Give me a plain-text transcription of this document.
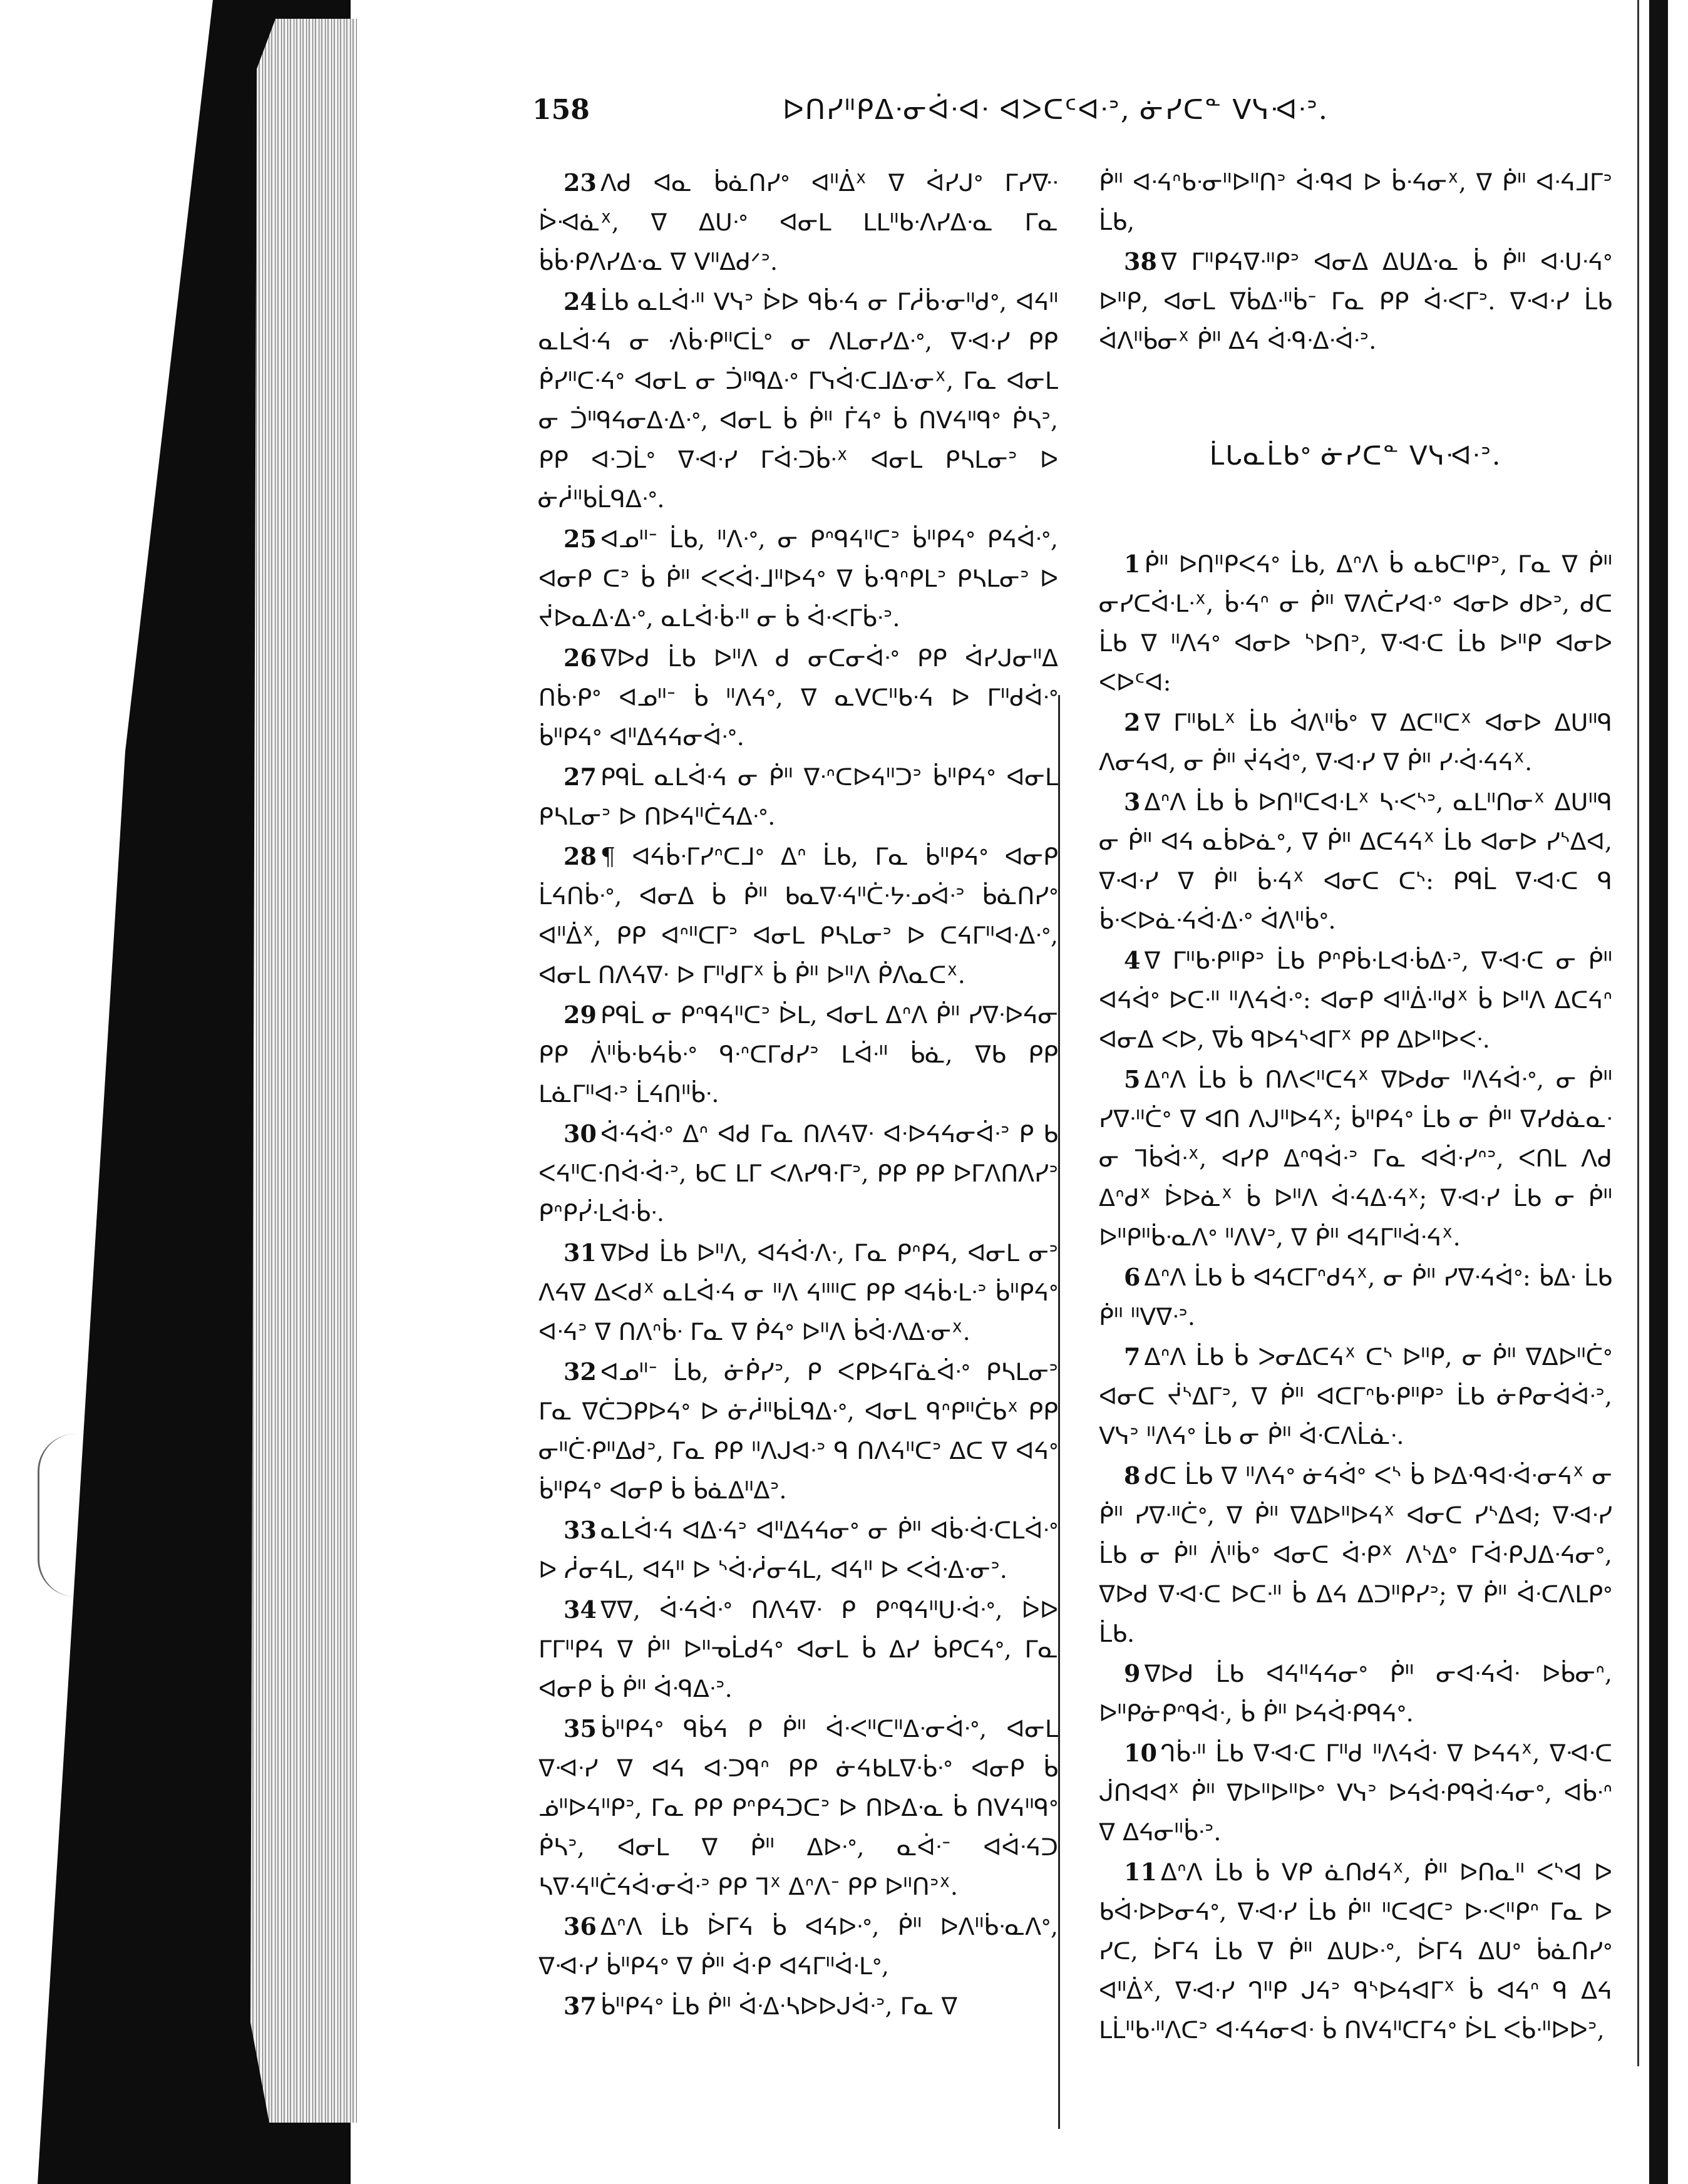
158	ᐅᑎᓯᐦᑭᐃᐧᓂᐋᐧᐊᐧ ᐊᐳᑕᑦᐊᐧᐣ, ᓃᓯᑕᓐ ᐯᓭᐗᐧᐣ.

23 ᐱᑯ ᐊᓇ ᑳᓈᑎᓯᐤ ᐊᐦᐄᕽ ᐁ ᐋᓯᒍᐤ ᒥᓯᐍᐧ ᐆᐗᓈᕽ, ᐁ ᐃᑌᐧᐤ ᐊᓂᒪ ᒪᒪᐦᑲᐧᐱᓯᐃᐧᓇ ᒥᓇ ᑳᑳᐧᑭᐱᓯᐃᐧᓇ ᐁ ᐯᐦᐃᑯᐟᐣ.

24 ᒫᑲ ᓇᒪᐋᐧᐦ ᐯᓭᐣ ᐆᐅ ᑫᑳᐧᔦ ᓂ ᒥᓲᑳᐧᓂᐦᑯᐤ, ᐊᔦᐦ ᓇᒪᐋᐧᔦ ᓂ ᐼᑳᐧᑭᐦᑕᒫᐤ ᓂ ᐱᒪᓂᓯᐃᐧᐤ, ᐁᐗᐧᓯ ᑭᑭ ᑮᓯᐦᑕᐧᔦᐤ ᐊᓂᒪ ᓂ ᑑᐦᑫᐃᐧᐤ ᒥᓭᐋᐧᑕᒧᐃᐧᓂᕽ, ᒥᓇ ᐊᓂᒪ ᓂ ᑑᐦᑫᔦᓂᐃᐧᐃᐧᐤ, ᐊᓂᒪ ᑳ ᑮᐦ ᒦᔦᐤ ᑳ ᑎᐯᔦᐦᑫᐤ ᑮᓴᐣ, ᑭᑭ ᐊᐧᑐᒫᐤ ᐁᐗᐧᓯ ᒥᐋᐧᑐᑳᐧᕽ ᐊᓂᒪ ᑭᓴᒪᓂᐣ ᐅ ᓃᓲᐦᑲᒫᑫᐃᐧᐤ.

25 ᐊᓄᐦᐨ ᒫᑲ, ᐦᐱᐧᐤ, ᓂ ᑭᐢᑫᔦᐦᑕᐣ ᑳᐦᑭᔦᐤ ᑭᔦᐋᐧᐤ, ᐊᓂᑭ ᑕᐣ ᑳ ᑮᐦ ᐸᐸᐋᐧᒧᐦᐅᔦᐤ ᐁ ᑳᐧᑫᐢᑭᒪᐣ ᑭᓴᒪᓂᐣ ᐅ ᔫᐅᓇᐃᐧᐃᐧᐤ, ᓇᒪᐋᐧᑳᐧᐦ ᓂ ᑳ ᐋᐧᐸᒥᑳᐧᐣ.

26 ᐁᐅᑯ ᒫᑲ ᐅᐦᐱ ᑯ ᓂᑕᓂᐋᐧᐤ ᑭᑭ ᐋᓯᒍᓂᐦᐃ ᑎᑳᐧᑭᐤ ᐊᓄᐦᐨ ᑳ ᐦᐱᔦᐤ, ᐁ ᓇᐯᑕᐦᑲᐧᔦ ᐅ ᒥᐦᑯᐋᐧᐤ ᑳᐦᑭᔦᐤ ᐊᐦᐃᔦᔦᓂᐋᐧᐤ.

27 ᑭᑫᒫ ᓇᒪᐋᐧᔦ ᓂ ᑮᐦ ᐁᐧᐢᑕᐅᔦᐦᑐᐣ ᑳᐦᑭᔦᐤ ᐊᓂᒪ ᑭᓴᒪᓂᐣ ᐅ ᑎᐅᔦᐦᑖᔦᐃᐧᐤ.

28 ¶ ᐊᔦᑳᐧᒥᓯᐢᑕᒧᐤ ᐃᐢ ᒫᑲ, ᒥᓇ ᑳᐦᑭᔦᐤ ᐊᓂᑭ ᒫᔦᑎᑳᐧᐤ, ᐊᓂᐃ ᑳ ᑮᐦ ᑲᓇᐁᐧᔦᐦᑖᐧᔭᐧᓄᐋᐧᐣ ᑳᓈᑎᓯᐤ ᐊᐦᐄᕽ, ᑭᑭ ᐊᐢᐦᑕᒥᐣ ᐊᓂᒪ ᑭᓴᒪᓂᐣ ᐅ ᑕᔦᒥᐦᐊᐧᐃᐧᐤ, ᐊᓂᒪ ᑎᐱᔦᐁᐧ ᐅ ᒥᐦᑯᒥᕽ ᑳ ᑮᐦ ᐅᐦᐱ ᑮᐱᓇᑕᕽ.

29 ᑭᑫᒫ ᓂ ᑭᐢᑫᔦᐦᑕᐣ ᐆᒪ, ᐊᓂᒪ ᐃᐢᐱ ᑮᐦ ᓯᐁᐧᐅᔦᓂ ᑭᑭ ᐲᐦᑳᐧᑲᔦᑳᐧᐤ ᑫᐧᐢᑕᒥᑯᓯᐣ ᒪᐋᐧᐦ ᑳᓈ, ᐁᑲ ᑭᑭ ᒪᓈᒥᐦᐊᐧᐣ ᒫᔦᑎᐦᑳᐧ.

30 ᐋᐧᔦᐋᐧᐤ ᐃᐢ ᐊᑯ ᒥᓇ ᑎᐱᔦᐁᐧ ᐊᐧᐅᔦᔦᓂᐋᐧᐣ ᑭ ᑲ ᐸᔦᐦᑕᐧᑎᐋᐧᐋᐧᐣ, ᑲᑕ ᒪᒥ ᐸᐱᓯᑫᐧᒥᐣ, ᑭᑭ ᑭᑭ ᐅᒥᐱᑎᐱᓯᐣ ᑭᐢᑭᓰᐧᒪᐋᐧᑳᐧ.

31 ᐁᐅᑯ ᒫᑲ ᐅᐦᐱ, ᐊᔦᐋᐧᐱᐧ, ᒥᓇ ᑭᐢᑭᔦ, ᐊᓂᒪ ᓂᐣ ᐱᔦᐁ ᐃᐸᑯᕽ ᓇᒪᐋᐧᔦ ᓂ ᐦᐱ ᔦᐦᐦᑕ ᑭᑭ ᐊᔦᑳᐧᒪᐧᐣ ᑳᐦᑭᔦᐤ ᐊᐧᔦᐣ ᐁ ᑎᐱᐢᑳᐧ ᒥᓇ ᐁ ᑮᔦᐤ ᐅᐦᐱ ᑳᐋᐧᐱᐃᐧᓂᕽ.

32 ᐊᓄᐦᐨ ᒫᑲ, ᓃᑮᓯᐣ, ᑭ ᐸᑭᐅᔦᒥᓈᐋᐧᐤ ᑭᓴᒪᓂᐣ ᒥᓇ ᐁᑖᑐᑭᐅᔦᐤ ᐅ ᓃᓲᐦᑲᒫᑫᐃᐧᐤ, ᐊᓂᒪ ᑫᐢᑭᐦᑖᑲᕽ ᑭᑭ ᓂᐦᑖᐧᑭᐦᐃᑯᐣ, ᒥᓇ ᑭᑭ ᐦᐱᒍᐊᐧᐣ ᑫ ᑎᐱᔦᐦᑕᐣ ᐃᑕ ᐁ ᐊᔦᐤ ᑳᐦᑭᔦᐤ ᐊᓂᑭ ᑳ ᑳᓈᐃᐦᐃᐣ.

33 ᓇᒪᐋᐧᔦ ᐊᐃᐧᔦᐣ ᐊᐦᐃᔦᔦᓂᐤ ᓂ ᑮᐦ ᐊᑳᐧᐋᐧᑕᒪᐋᐧᐤ ᐅ ᓲᓂᔦᒪ, ᐊᔦᐦ ᐅ ᔅᐋᐧᓲᓂᔦᒪ, ᐊᔦᐦ ᐅ ᐸᐋᐧᐃᐧᓂᐣ.

34 ᐁᐁ, ᐋᐧᔦᐋᐧᐤ ᑎᐱᔦᐁᐧ ᑭ ᑭᐢᑫᔦᐦᑌᐧᐋᐧᐤ, ᐆᐅ ᒥᒥᐦᑭᔦ ᐁ ᑮᐦ ᐅᐦᓀᒫᑯᔦᐤ ᐊᓂᒪ ᑳ ᐃᓯ ᑳᑭᑕᔦᐤ, ᒥᓇ ᐊᓂᑭ ᑳ ᑮᐦ ᐋᐧᑫᐃᐧᐣ.

35 ᑳᐦᑭᔦᐤ ᑫᑳᔦ ᑭ ᑮᐦ ᐋᐧᐸᐦᑕᐦᐃᐧᓂᐋᐧᐤ, ᐊᓂᒪ ᐁᐗᐧᓯ ᐁ ᐊᔦ ᐊᐧᑐᑫᐢ ᑭᑭ ᓃᔦᑲᒪᐁᐧᑳᐧᐤ ᐊᓂᑭ ᑳ ᓅᐦᐅᔦᐦᑭᐣ, ᒥᓇ ᑭᑭ ᑭᐢᑭᔦᑐᑕᐣ ᐅ ᑎᐅᐃᐧᓇ ᑳ ᑎᐯᔦᐦᑫᐤ ᑮᓴᐣ, ᐊᓂᒪ ᐁ ᑮᐦ ᐃᐅᐧᐤ, ᓇᐋᐧᐨ ᐊᐋᐧᔦᑐ ᓴᐁᐧᔦᐦᑖᔦᐋᐧᓂᐋᐧᐣ ᑭᑭ ᒣᕽ ᐃᐢᐱᐨ ᑭᑭ ᐅᐦᑎᐣᕽ.

36 ᐃᐢᐱ ᒫᑲ ᐆᒥᔦ ᑳ ᐊᔦᐅᐧᐤ, ᑮᐦ ᐅᐱᐦᑳᐧᓇᐱᐤ, ᐁᐗᐧᓯ ᑳᐦᑭᔦᐤ ᐁ ᑮᐦ ᐋᐧᑭ ᐊᔦᒥᐦᐋᐧᒪᐤ,

37 ᑳᐦᑭᔦᐤ ᒫᑲ ᑮᐦ ᐋᐧᐃᐧᓴᐅᐅᒍᐋᐧᐣ, ᒥᓇ ᐁ

ᑮᐦ ᐊᐧᔦᐢᑲᐧᓂᐦᐅᐦᑎᐣ ᐋᐧᑫᐊ ᐅ ᑳᐧᔦᓂᕽ, ᐁ ᑮᐦ ᐊᐧᔦᒧᒥᐣ ᒫᑲ,

38 ᐁ ᒥᐦᑭᔦᐁᐧᐦᑭᐣ ᐊᓂᐃ ᐃᑌᐃᐧᓇ ᑳ ᑮᐦ ᐊᐧᑌᐧᔦᐤ ᐅᐦᑭ, ᐊᓂᒪ ᐁᑳᐃᐧᐦᑳᐨ ᒥᓇ ᑭᑭ ᐋᐧᐸᒥᐣ. ᐁᐗᐧᓯ ᒫᑲ ᐋᐱᐦᑳᓂᕽ ᑮᐦ ᐃᔦ ᐋᐧᑫᐧᐃᐧᐋᐧᐣ.

ᒫᒐᓇᒫᑲᐤ ᓃᓯᑕᓐ ᐯᓭᐗᐧᐣ.

1 ᑮᐦ ᐅᑎᐦᑭᐸᔦᐤ ᒫᑲ, ᐃᐢᐱ ᑳ ᓇᑲᑕᐦᑭᐣ, ᒥᓇ ᐁ ᑮᐦ ᓂᓯᑕᐋᐧᒪᐧᕽ, ᑳᐧᔦᐢ ᓂ ᑮᐦ ᐁᐱᑖᓯᐊᐧᐤ ᐊᓂᐅ ᑯᐅᐣ, ᑯᑕ ᒫᑲ ᐁ ᐦᐱᔦᐤ ᐊᓂᐅ ᔅᐅᑎᐣ, ᐁᐗᐧᑕ ᒫᑲ ᐅᐦᑭ ᐊᓂᐅ ᐸᐅᑦᐊ:

2 ᐁ ᒥᐦᑲᒪᕽ ᒫᑲ ᐋᐱᐦᑳᐤ ᐁ ᐃᑕᐦᑕᕽ ᐊᓂᐅ ᐃᑌᐦᑫ ᐱᓂᔦᐊ, ᓂ ᑮᐦ ᔫᔦᐋᐤ, ᐁᐗᐧᓯ ᐁ ᑮᐦ ᓯᐧᐋᐧᔦᔦᕽ.

3 ᐃᐢᐱ ᒫᑲ ᑳ ᐅᑎᐦᑕᐊᐧᒪᕽ ᓴᐧᐸᔅᐣ, ᓇᒪᐦᑎᓂᕽ ᐃᑌᐦᑫ ᓂ ᑮᐦ ᐊᔦ ᓇᑳᐅᓈᐤ, ᐁ ᑮᐦ ᐃᑕᔦᔦᕽ ᒫᑲ ᐊᓂᐅ ᓯᔅᐃᐊ, ᐁᐗᐧᓯ ᐁ ᑮᐦ ᑳᐧᔦᕽ ᐊᓂᑕ ᑕᔅ: ᑭᑫᒫ ᐁᐗᐧᑕ ᑫ ᑳᐧᐸᐅᓈᐧᔦᐋᐧᐃᐧᐤ ᐋᐱᐦᑳᐤ.

4 ᐁ ᒥᐦᑲᐧᑭᐦᑭᐣ ᒫᑲ ᑭᐢᑭᑳᐧᒪᐊᐧᑳᐃᐧᐣ, ᐁᐗᐧᑕ ᓂ ᑮᐦ ᐊᔦᐋᐤ ᐅᑕᐧᐦ ᐦᐱᔦᐋᐧᐤ: ᐊᓂᑭ ᐊᐦᐄᐧᐦᑯᕽ ᑳ ᐅᐦᐱ ᐃᑕᔦᐢ ᐊᓂᐃ ᐸᐅ, ᐁᑳ ᑫᐅᔦᔅᐊᒥᕽ ᑭᑭ ᐃᐅᐦᐅᐸᐧ.

5 ᐃᐢᐱ ᒫᑲ ᑳ ᑎᐱᐸᐦᑕᔦᕽ ᐁᐅᑯᓂ ᐦᐱᔦᐋᐧᐤ, ᓂ ᑮᐦ ᓯᐁᐧᐦᑖᐤ ᐁ ᐊᑎ ᐱᒍᐦᐅᔦᕽ; ᑳᐦᑭᔦᐤ ᒫᑲ ᓂ ᑮᐦ ᐁᓯᑯᓈᓇᐧ ᓂ ᒣᑳᐋᐧᕽ, ᐊᓯᑭ ᐃᐢᑫᐋᐧᐣ ᒥᓇ ᐊᐋᐧᓯᐢᐣ, ᐸᑎᒪ ᐱᑯ ᐃᐢᑯᕽ ᐆᐅᓈᕽ ᑳ ᐅᐦᐱ ᐋᐧᔦᐃᐧᔦᕽ; ᐁᐗᐧᓯ ᒫᑲ ᓂ ᑮᐦ ᐅᐦᑭᐦᑳᐧᓇᐱᐤ ᐦᐱᐯᐣ, ᐁ ᑮᐦ ᐊᔦᒥᐦᐋᐧᔦᕽ.

6 ᐃᐢᐱ ᒫᑲ ᑳ ᐊᔦᑕᒥᐢᑯᔦᕽ, ᓂ ᑮᐦ ᓯᐁᐧᔦᐋᐤ: ᑳᐃᐧ ᒫᑲ ᑮᐦ ᐦᐯᐁᐧᐣ.

7 ᐃᐢᐱ ᒫᑲ ᑳ ᐳᓂᐃᑕᔦᕽ ᑕᔅ ᐅᐦᑭ, ᓂ ᑮᐦ ᐁᐃᐅᐦᑖᐤ ᐊᓂᑕ ᔫᔅᐃᒥᐣ, ᐁ ᑮᐦ ᐊᑕᒥᐢᑲᐧᑭᐦᑭᐣ ᒫᑲ ᓃᑭᓂᐋᐋᐧᐣ, ᐯᓭᐣ ᐦᐱᔦᐤ ᒫᑲ ᓂ ᑮᐦ ᐋᐧᑕᐱᒫᓈᐧ.

8 ᑯᑕ ᒫᑲ ᐁ ᐦᐱᔦᐤ ᓃᔦᐋᐤ ᐸᔅ ᑳ ᐅᐃᐧᑫᐊᐧᐋᐧᓂᔦᕽ ᓂ ᑮᐦ ᓯᐁᐧᐦᑖᐤ, ᐁ ᑮᐦ ᐁᐃᐅᐦᐅᔦᕽ ᐊᓂᑕ ᓯᔅᐃᐊ; ᐁᐗᐧᓯ ᒫᑲ ᓂ ᑮᐦ ᐲᐦᑳᐤ ᐊᓂᑕ ᐋᐧᑭᕽ ᐱᔅᐃᐤ ᒥᐋᐧᑭᒍᐃᐧᔦᓂᐤ, ᐁᐅᑯ ᐁᐗᐧᑕ ᐅᑕᐧᐦ ᑳ ᐃᔦ ᐃᑐᐦᑭᓯᐣ; ᐁ ᑮᐦ ᐋᐧᑕᐱᒪᑭᐤ ᒫᑲ.

9 ᐁᐅᑯ ᒫᑲ ᐊᔦᐦᔦᔦᓂᐤ ᑮᐦ ᓂᐊᐧᔦᐋᐧ ᐅᑳᓂᐢ, ᐅᐦᑭᓃᑭᐢᑫᐋᐧ, ᑳ ᑮᐦ ᐅᔦᐋᐧᑭᑫᔦᐤ.

10 ᒉᑳᐧᐦ ᒫᑲ ᐁᐗᐧᑕ ᒥᐦᑯ ᐦᐱᔦᐋᐧ ᐁ ᐅᔦᔦᕽ, ᐁᐗᐧᑕ ᒎᑎᐊᐊᕽ ᑮᐦ ᐁᐅᐦᐅᐦᐅᐤ ᐯᓭᐣ ᐅᔦᐋᐧᑭᑫᐋᐧᔦᓂᐤ, ᐊᑳᐧᐢ ᐁ ᐃᔦᓂᐦᑳᐧᐣ.

11 ᐃᐢᐱ ᒫᑲ ᑳ ᐯᑭ ᓈᑎᑯᔦᕽ, ᑮᐦ ᐅᑎᓇᐦ ᐸᔅᐊ ᐅ ᑲᐋᐧᐅᐅᓂᔦᐤ, ᐁᐗᐧᓯ ᒫᑲ ᑮᐦ ᐦᑕᐊᑕᐣ ᐅᐧᐸᐦᑭᐢ ᒥᓇ ᐅ ᓯᑕ, ᐆᒥᔦ ᒫᑲ ᐁ ᑮᐦ ᐃᑌᐅᐧᐤ, ᐆᒥᔦ ᐃᑌᐤ ᑳᓈᑎᓯᐤ ᐊᐦᐄᕽ, ᐁᐗᐧᓯ ᒉᐦᑭ ᒍᔦᐣ ᑫᔅᐅᔦᐊᒥᕽ ᑳ ᐊᔦᐢ ᑫ ᐃᔦ ᒪᒫᐦᑲᐧᐦᐱᑕᐣ ᐊᐧᔦᔦᓂᐊᐧ ᑳ ᑎᐯᔦᐦᑕᒥᔦᐤ ᐆᒪ ᐸᑳᐧᐦᐅᐅᐣ,
